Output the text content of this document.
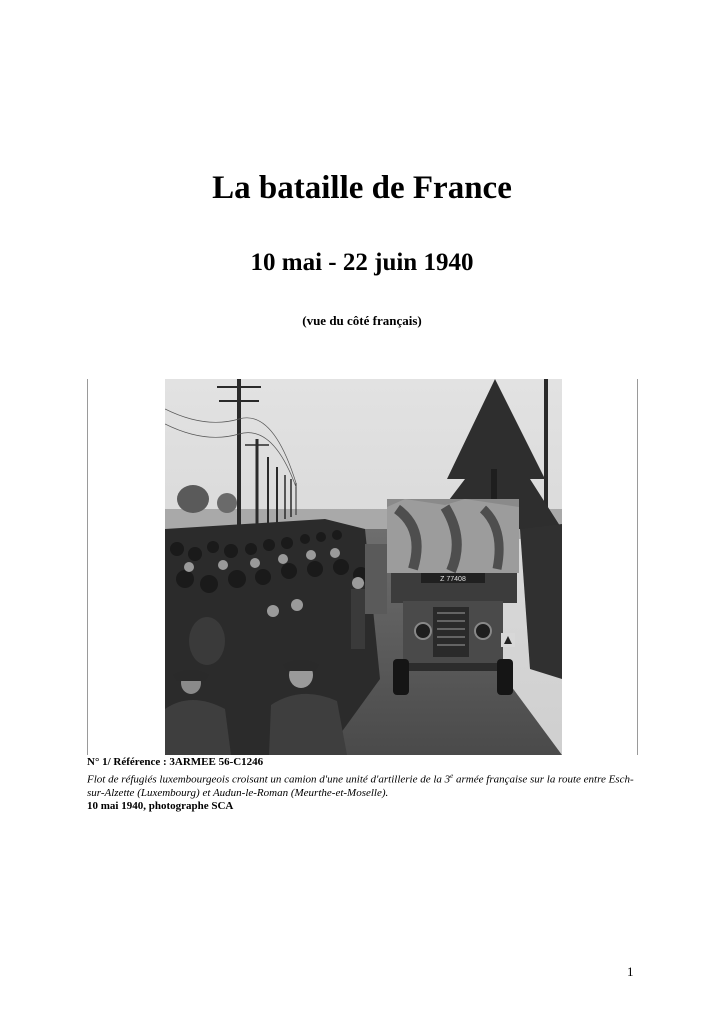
La bataille de France
10 mai - 22 juin 1940
(vue du côté français)
Z 77408
N° 1/ Référence : 3ARMEE 56-C1246
Flot de réfugiés luxembourgeois croisant un camion d'une unité d'artillerie de la 3e armée française sur la route entre Esch-sur-Alzette (Luxembourg) et Audun-le-Roman (Meurthe-et-Moselle).
10 mai 1940, photographe SCA
1
